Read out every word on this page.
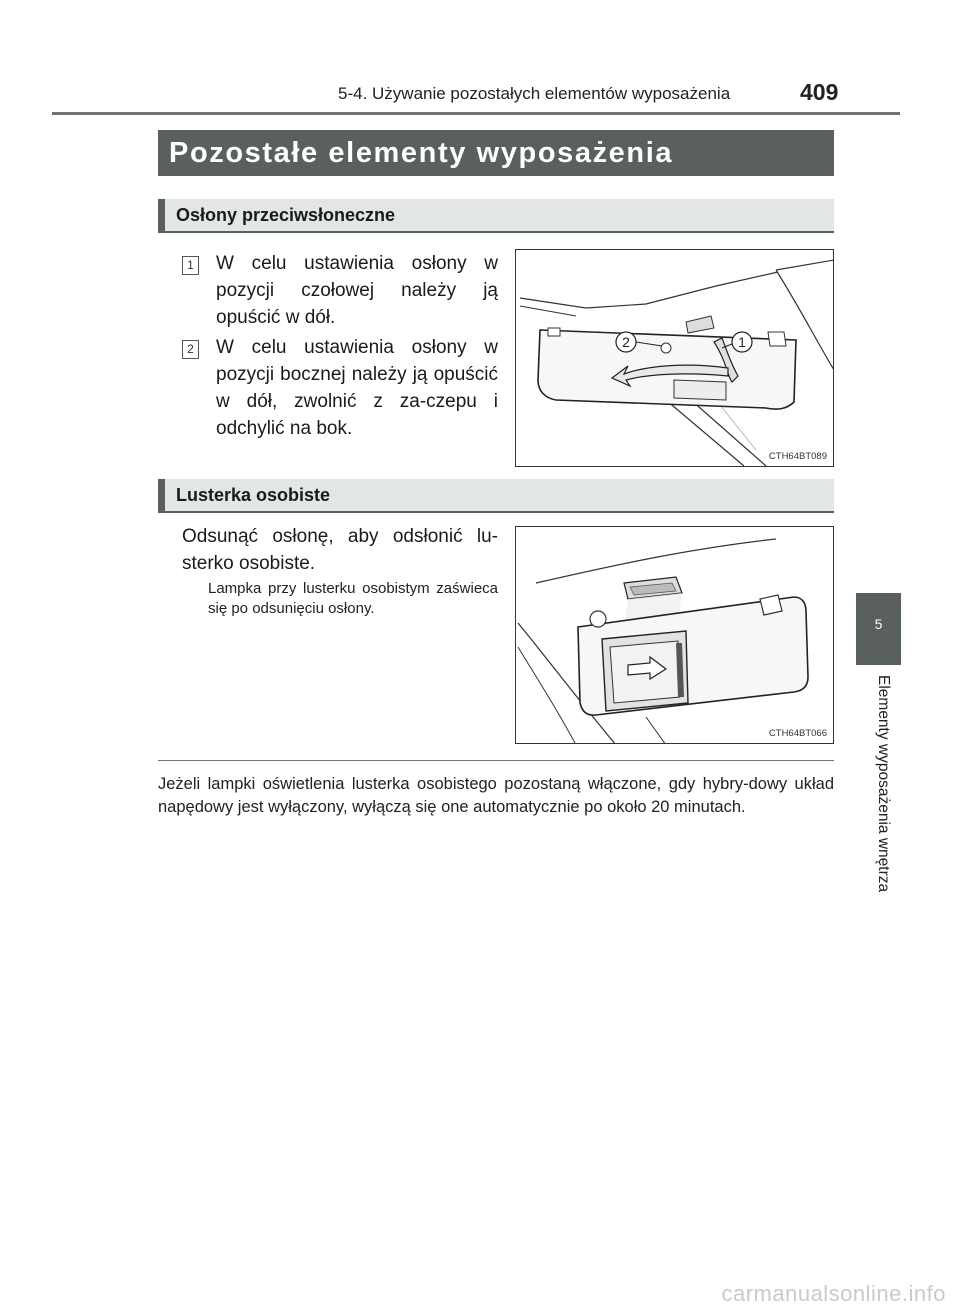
5-4. Używanie pozostałych elementów wyposażenia	409
Pozostałe elementy wyposażenia
Osłony przeciwsłoneczne
1 W celu ustawienia osłony w pozycji czołowej należy ją opuścić w dół.
2 W celu ustawienia osłony w pozycji bocznej należy ją opuścić w dół, zwolnić z za-czepu i odchylić na bok.
2	1
CTH64BT089
Lusterka osobiste
Odsunąć osłonę, aby odsłonić lu-sterko osobiste.
Lampka przy lusterku osobistym zaświeca się po odsunięciu osłony.
CTH64BT066
Jeżeli lampki oświetlenia lusterka osobistego pozostaną włączone, gdy hybry-dowy układ napędowy jest wyłączony, wyłączą się one automatycznie po około 20 minutach.
5
Elementy wyposażenia wnętrza
carmanualsonline.info
